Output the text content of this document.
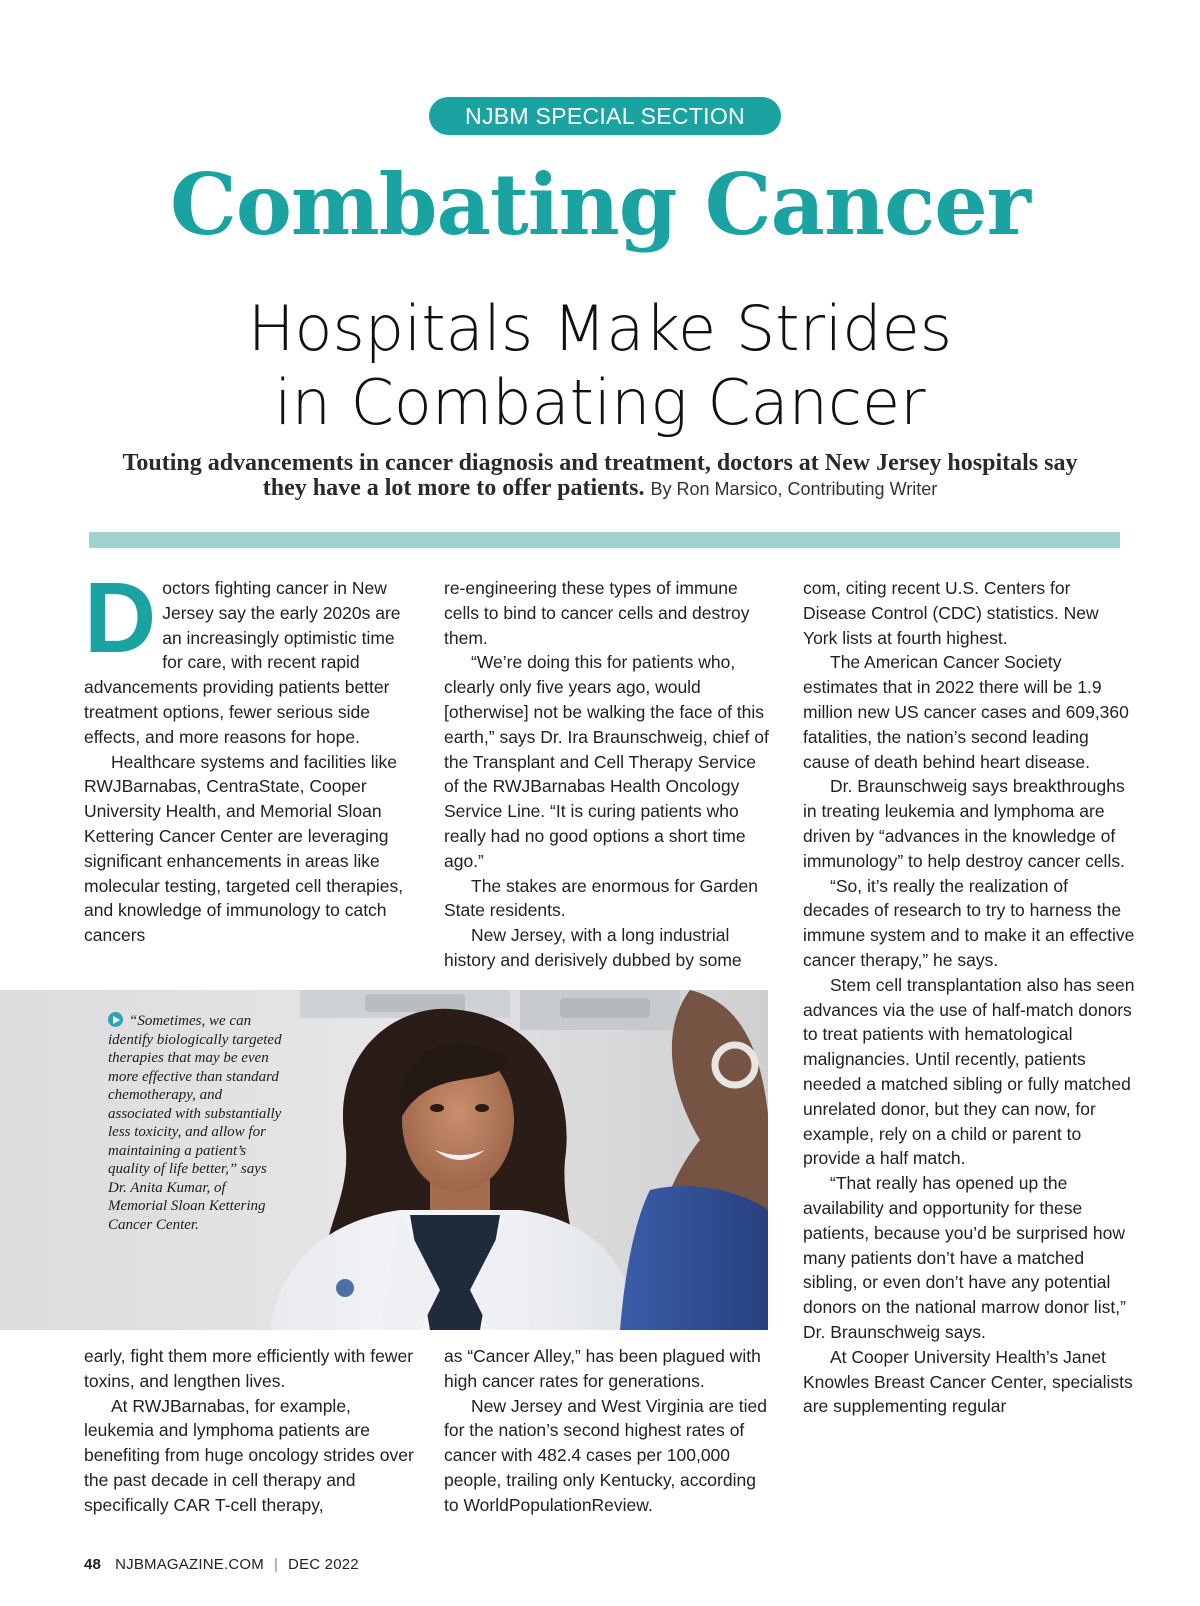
NJBM SPECIAL SECTION
Combating Cancer
Hospitals Make Strides
in Combating Cancer
Touting advancements in cancer diagnosis and treatment, doctors at New Jersey hospitals say they have a lot more to offer patients. By Ron Marsico, Contributing Writer

Doctors fighting cancer in New Jersey say the early 2020s are an increasingly optimistic time for care, with recent rapid advancements providing patients better treatment options, fewer serious side effects, and more reasons for hope.

Healthcare systems and facilities like RWJBarnabas, CentraState, Cooper University Health, and Memorial Sloan Kettering Cancer Center are leveraging significant enhancements in areas like molecular testing, targeted cell therapies, and knowledge of immunology to catch cancers

re-engineering these types of immune cells to bind to cancer cells and destroy them.

“We’re doing this for patients who, clearly only five years ago, would [otherwise] not be walking the face of this earth,” says Dr. Ira Braunschweig, chief of the Transplant and Cell Therapy Service of the RWJBarnabas Health Oncology Service Line. “It is curing patients who really had no good options a short time ago.”

The stakes are enormous for Garden State residents.

New Jersey, with a long industrial history and derisively dubbed by some

com, citing recent U.S. Centers for Disease Control (CDC) statistics. New York lists at fourth highest.

The American Cancer Society estimates that in 2022 there will be 1.9 million new US cancer cases and 609,360 fatalities, the nation’s second leading cause of death behind heart disease.

Dr. Braunschweig says breakthroughs in treating leukemia and lymphoma are driven by “advances in the knowledge of immunology” to help destroy cancer cells.

“So, it’s really the realization of decades of research to try to harness the immune system and to make it an effective cancer therapy,” he says.

Stem cell transplantation also has seen advances via the use of half-match donors to treat patients with hematological malignancies. Until recently, patients needed a matched sibling or fully matched unrelated donor, but they can now, for example, rely on a child or parent to provide a half match.

“That really has opened up the availability and opportunity for these patients, because you’d be surprised how many patients don’t have a matched sibling, or even don’t have any potential donors on the national marrow donor list,” Dr. Braunschweig says.

At Cooper University Health’s Janet Knowles Breast Cancer Center, specialists are supplementing regular

“Sometimes, we can identify biologically targeted therapies that may be even more effective than standard chemotherapy, and associated with substantially less toxicity, and allow for maintaining a patient’s quality of life better,” says Dr. Anita Kumar, of Memorial Sloan Kettering Cancer Center.

early, fight them more efficiently with fewer toxins, and lengthen lives.

At RWJBarnabas, for example, leukemia and lymphoma patients are benefiting from huge oncology strides over the past decade in cell therapy and specifically CAR T-cell therapy,

as “Cancer Alley,” has been plagued with high cancer rates for generations.

New Jersey and West Virginia are tied for the nation’s second highest rates of cancer with 482.4 cases per 100,000 people, trailing only Kentucky, according to WorldPopulationReview.

48 NJBMAGAZINE.COM | DEC 2022
